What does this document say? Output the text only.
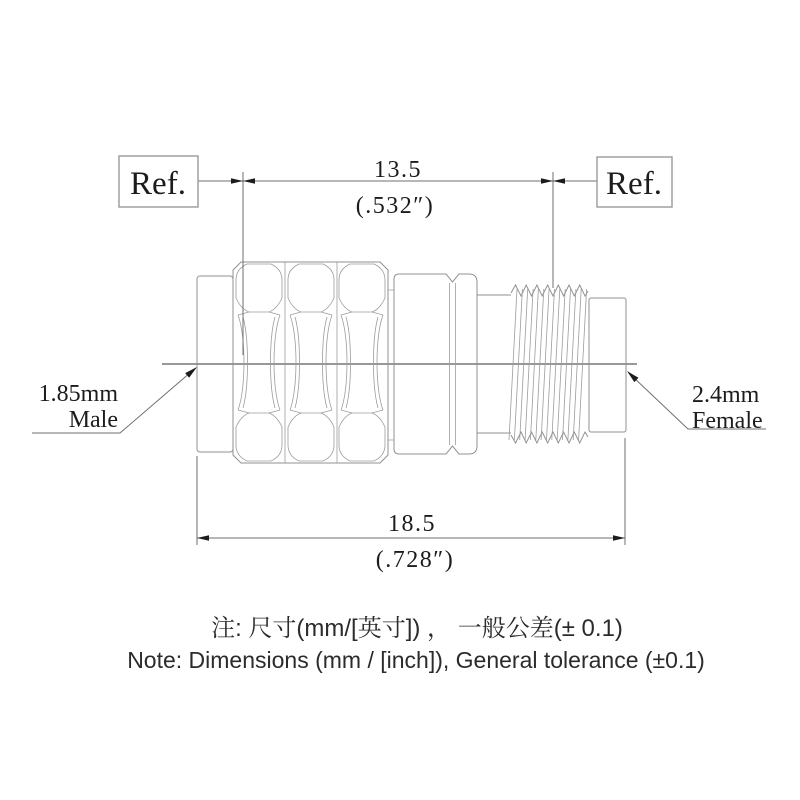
13.5
(.532″)
Ref.	Ref.
18.5
(.728″)
1.85mm
Male
2.4mm
Female
注: 尺寸(mm/[英寸]) ， 一般公差(± 0.1)
Note: Dimensions (mm / [inch]), General tolerance (±0.1)
